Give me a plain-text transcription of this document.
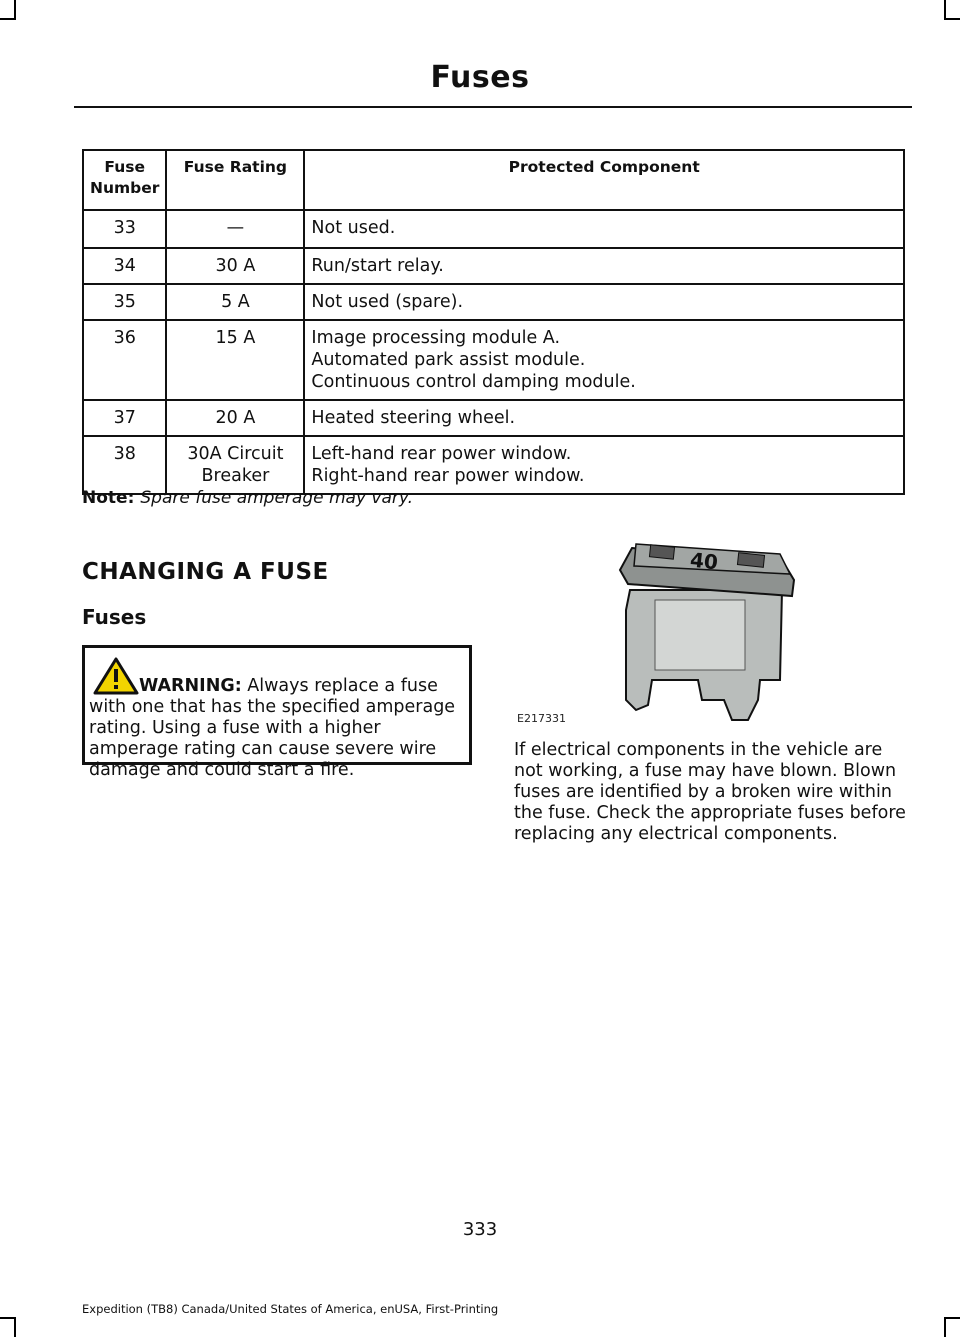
Fuses
Fuse Number	Fuse Rating	Protected Component
33	—	Not used.

34	30 A	Run/start relay.

35	5 A	Not used (spare).

36	15 A	Image processing module A.
Automated park assist module.
Continuous control damping module.

37	20 A	Heated steering wheel.

38	30A Circuit Breaker	Left-hand rear power window.
Right-hand rear power window.
Note: Spare fuse amperage may vary.
CHANGING A FUSE
Fuses
WARNING: Always replace a fuse with one that has the specified amperage rating. Using a fuse with a higher amperage rating can cause severe wire damage and could start a fire.
40
E217331
If electrical components in the vehicle are not working, a fuse may have blown. Blown fuses are identified by a broken wire within the fuse. Check the appropriate fuses before replacing any electrical components.
333
Expedition (TB8) Canada/United States of America, enUSA, First-Printing
